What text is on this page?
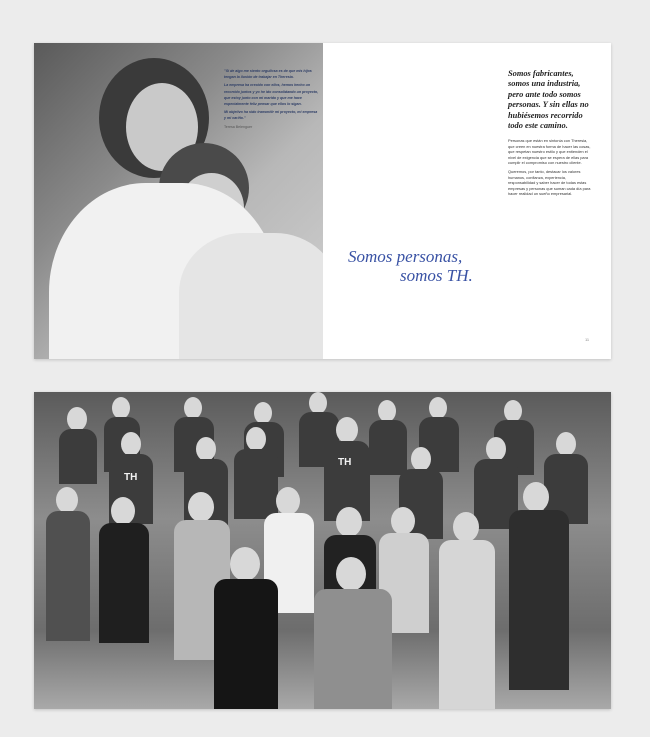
"Si de algo me siento orgullosa es de que mis hijos tengan la ilusión de trabajar en Theresia.
La empresa ha crecido con ellos, hemos hecho un recorrido juntos y yo he ido consolidando un proyecto, que estoy junto con mi marido y que me hace especialmente feliz pensar que ellos lo sigan.
Mi objetivo ha sido transmitir mi proyecto, mi empresa y mi cariño."
Teresa Belenguer

Somos fabricantes, somos una industria, pero ante todo somos personas. Y sin ellas no hubiésemos recorrido todo este camino.

Personas que están en sintonía con Theresia, que creen en nuestra forma de hacer las cosas, que respetan nuestro estilo y que entienden el nivel de exigencia que se espera de ellas para cumplir el compromiso con nuestro cliente.

Queremos, por tanto, destacar los valores humanos, confianza, experiencia, responsabilidad y saber hacer de todas estas empresas y personas que suman cada día para hacer realidad un sueño empresarial.

Somos personas,
somos TH.
11
TH
TH
